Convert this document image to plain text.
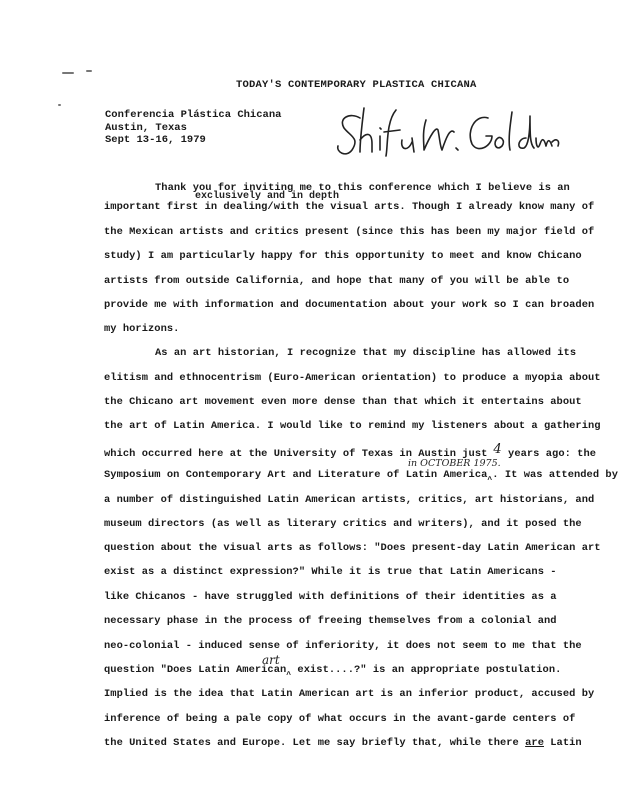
TODAY'S CONTEMPORARY PLASTICA CHICANA
Conferencia Plástica Chicana
Austin, Texas
Sept 13-16, 1979
Thank you for inviting me to this conference which I believe is an
exclusively and in depth
important first in dealing/with the visual arts. Though I already know many of
the Mexican artists and critics present (since this has been my major field of
study) I am particularly happy for this opportunity to meet and know Chicano
artists from outside California, and hope that many of you will be able to
provide me with information and documentation about your work so I can broaden
my horizons.
As an art historian, I recognize that my discipline has allowed its
elitism and ethnocentrism (Euro-American orientation) to produce a myopia about
the Chicano art movement even more dense than that which it entertains about
the art of Latin America. I would like to remind my listeners about a gathering
which occurred here at the University of Texas in Austin just 4 years ago: the
in OCTOBER 1975.
Symposium on Contemporary Art and Literature of Latin America$_{\^{}}$. It was attended by
a number of distinguished Latin American artists, critics, art historians, and
museum directors (as well as literary critics and writers), and it posed the
question about the visual arts as follows: "Does present-day Latin American art
exist as a distinct expression?" While it is true that Latin Americans -
like Chicanos - have struggled with definitions of their identities as a
necessary phase in the process of freeing themselves from a colonial and
neo-colonial - induced sense of inferiority, it does not seem to me that the
art
question "Does Latin American$_{\^{}}$ exist....?" is an appropriate postulation.
Implied is the idea that Latin American art is an inferior product, accused by
inference of being a pale copy of what occurs in the avant-garde centers of
the United States and Europe. Let me say briefly that, while there are Latin
